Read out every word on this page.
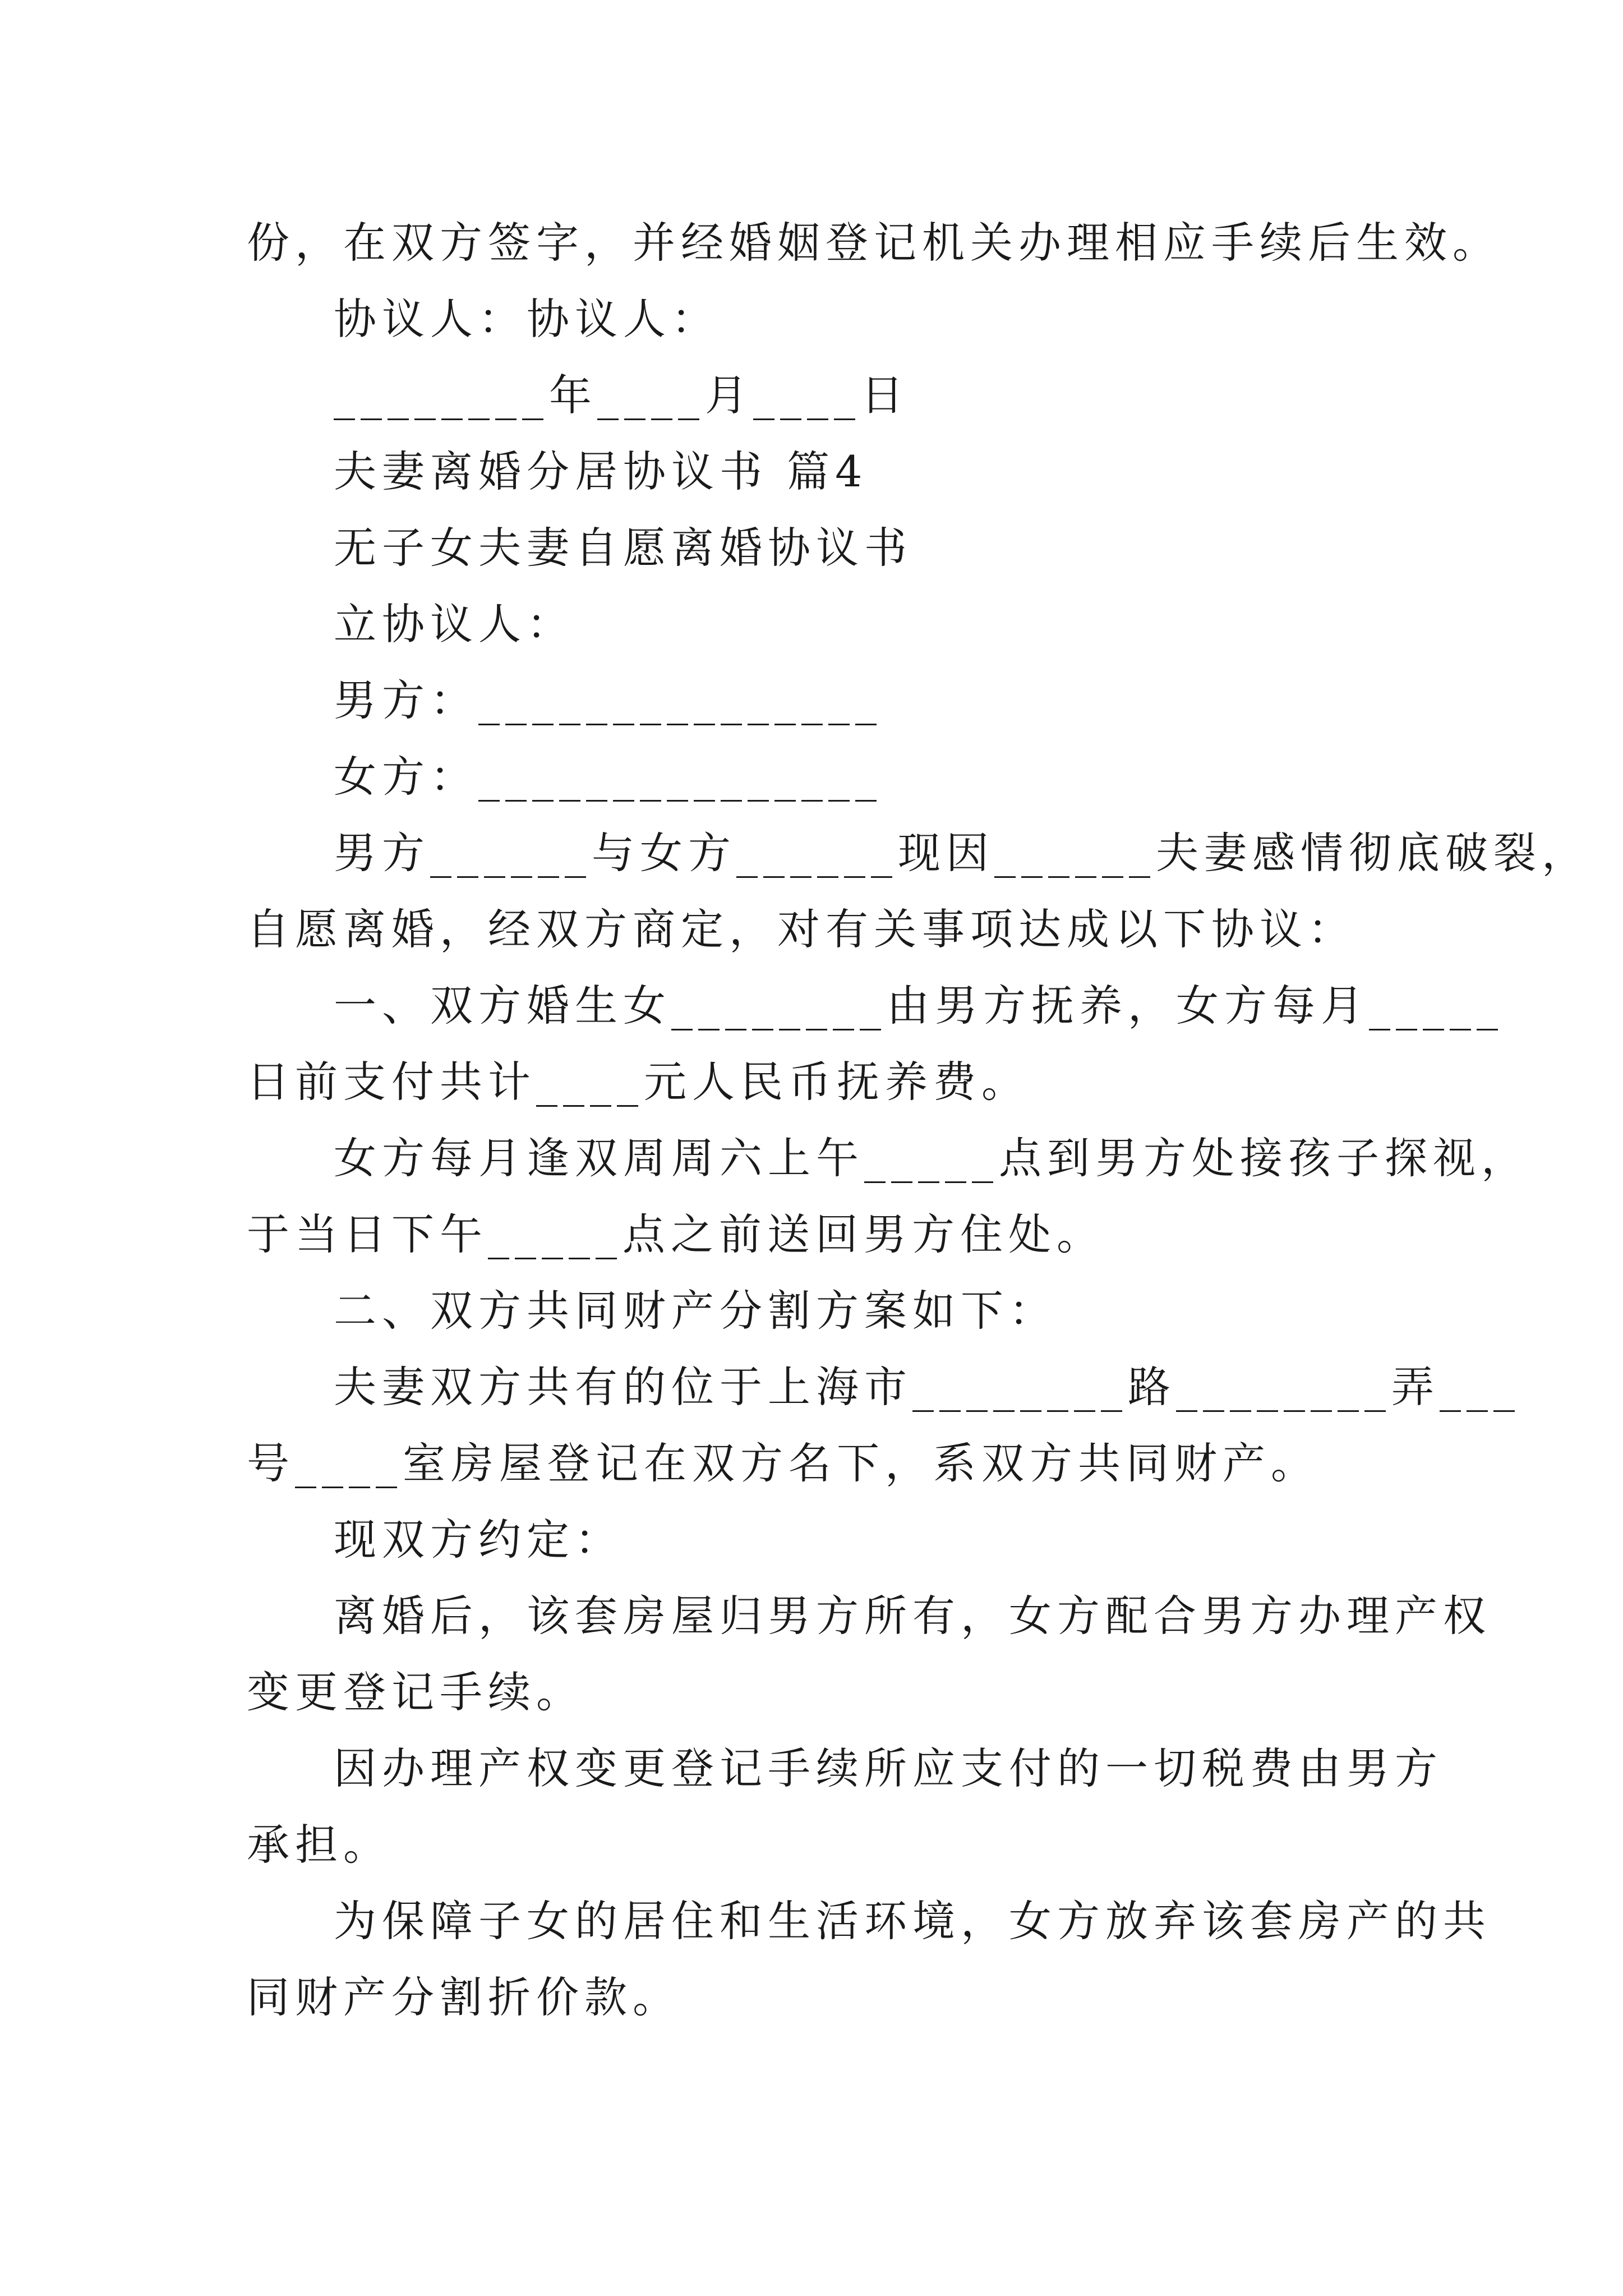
份，在双方签字，并经婚姻登记机关办理相应手续后生效。
协议人：协议人：
________年____月____日
夫妻离婚分居协议书 篇4
无子女夫妻自愿离婚协议书
立协议人：
男方：_______________
女方：_______________
男方______与女方______现因______夫妻感情彻底破裂，
自愿离婚，经双方商定，对有关事项达成以下协议：
一、双方婚生女________由男方抚养，女方每月_____
日前支付共计____元人民币抚养费。
女方每月逢双周周六上午_____点到男方处接孩子探视，
于当日下午_____点之前送回男方住处。
二、双方共同财产分割方案如下：
夫妻双方共有的位于上海市________路________弄___
号____室房屋登记在双方名下，系双方共同财产。
现双方约定：
离婚后，该套房屋归男方所有，女方配合男方办理产权
变更登记手续。
因办理产权变更登记手续所应支付的一切税费由男方
承担。
为保障子女的居住和生活环境，女方放弃该套房产的共
同财产分割折价款。
